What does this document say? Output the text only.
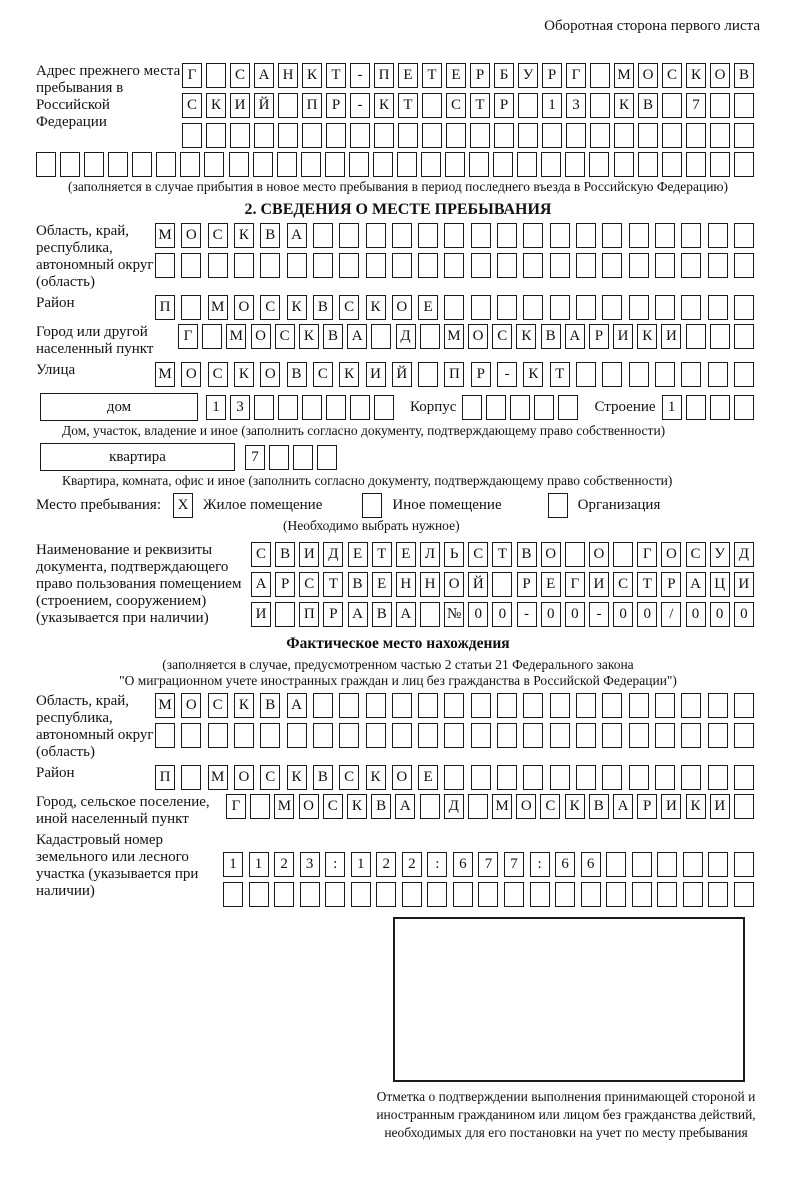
Оборотная сторона первого листа
Адрес прежнего места пребывания в Российской Федерации
Г	С А Н К Т	-	П Е Т Е	Р	Б У Р	Г	М О С К О В
С К И Й	П Р	-	К Т	С Т	Р	1	3	К В	7
(заполняется в случае прибытия в новое место пребывания в период последнего въезда в Российскую Федерацию)
2. СВЕДЕНИЯ О МЕСТЕ ПРЕБЫВАНИЯ
Область, край, республика, автономный округ (область)
М О	С	К	В	А
Район	П	М О	С	К	В	С	К	О	Е
Город или другой населенный пункт
Г	М О С К В А	Д	М О С К В А Р И К И
Улица	М О	С	К	О	В	С	К	И	Й	П	Р	-	К	Т
дом	1	3	Корпус	Строение 1
Дом, участок, владение и иное (заполнить согласно документу, подтверждающему право собственности)
квартира	7
Квартира, комната, офис и иное (заполнить согласно документу, подтверждающему право собственности)
Место пребывания:	X Жилое помещение	Иное помещение	Организация
(Необходимо выбрать нужное)
Наименование и реквизиты документа, подтверждающего право пользования помещением (строением, сооружением) (указывается при наличии)
С В И Д Е Т Е Л Ь С Т В О	О	Г О С У Д
А Р С Т В Е Н Н О Й	Р	Е	Г И С Т	Р А Ц И
И	П Р А В А	№ 0	0	-	0	0	-	0	0	/	0	0	0
Фактическое место нахождения
(заполняется в случае, предусмотренном частью 2 статьи 21 Федерального закона
"О миграционном учете иностранных граждан и лиц без гражданства в Российской Федерации")
Область, край, республика, автономный округ (область)
М О	С	К	В	А
Район	П	М О	С	К	В	С	К	О	Е
Город, сельское поселение, иной населенный пункт
Г	М О С К В А	Д	М О С К В А Р И К И
Кадастровый номер земельного или лесного участка (указывается при наличии)
1	1	2	3	:	1	2	2	:	6	7	7	:	6	6
Отметка о подтверждении выполнения принимающей стороной и иностранным гражданином или лицом без гражданства действий, необходимых для его постановки на учет по месту пребывания
